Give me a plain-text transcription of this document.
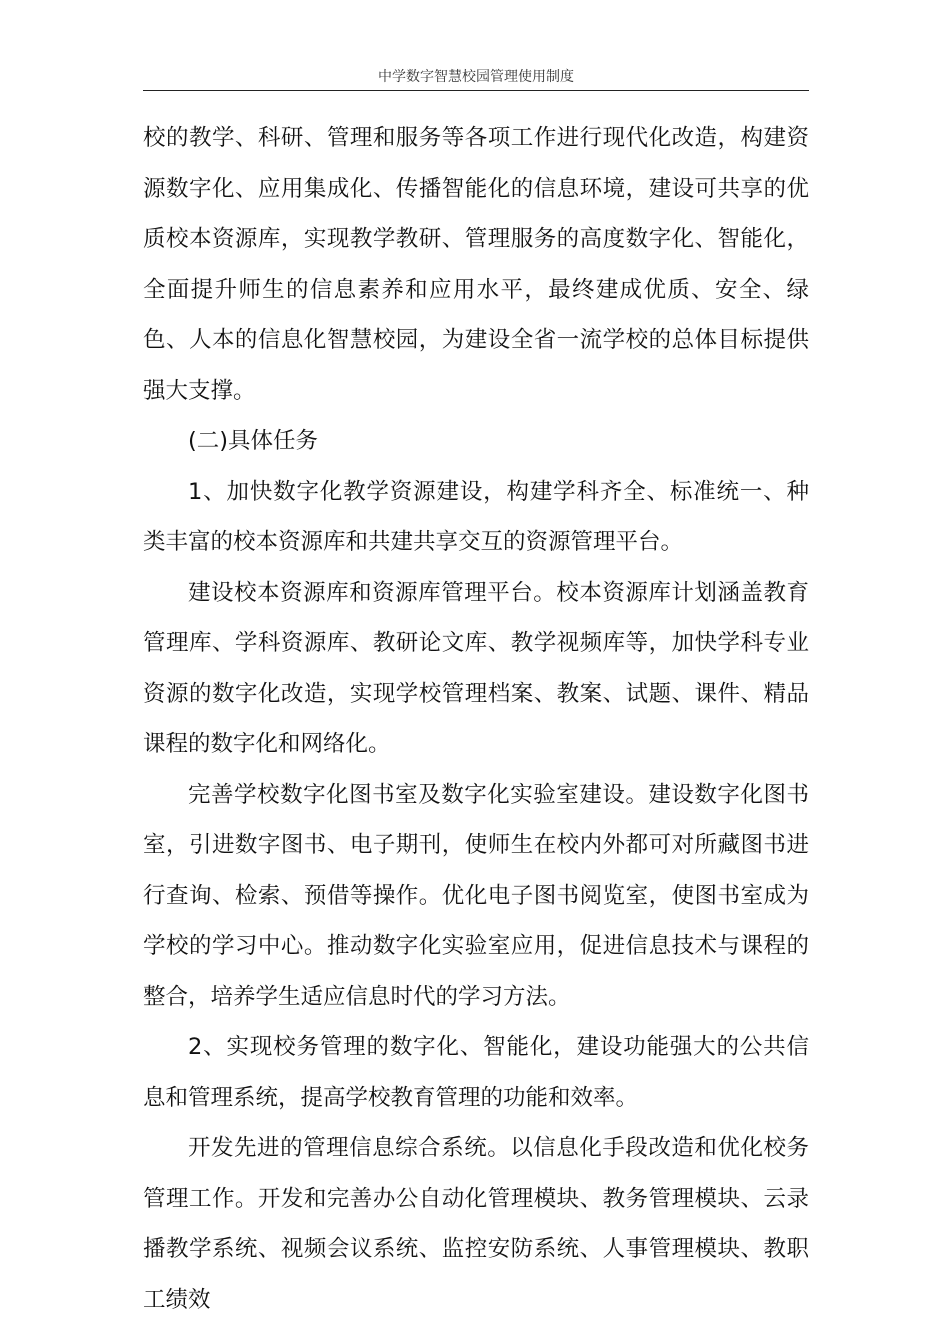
中学数字智慧校园管理使用制度

校的教学、科研、管理和服务等各项工作进行现代化改造，构建资源数字化、应用集成化、传播智能化的信息环境，建设可共享的优质校本资源库，实现教学教研、管理服务的高度数字化、智能化，全面提升师生的信息素养和应用水平，最终建成优质、安全、绿色、人本的信息化智慧校园，为建设全省一流学校的总体目标提供强大支撑。

(二)具体任务

1、加快数字化教学资源建设，构建学科齐全、标准统一、种类丰富的校本资源库和共建共享交互的资源管理平台。

建设校本资源库和资源库管理平台。校本资源库计划涵盖教育管理库、学科资源库、教研论文库、教学视频库等，加快学科专业资源的数字化改造，实现学校管理档案、教案、试题、课件、精品课程的数字化和网络化。

完善学校数字化图书室及数字化实验室建设。建设数字化图书室，引进数字图书、电子期刊，使师生在校内外都可对所藏图书进行查询、检索、预借等操作。优化电子图书阅览室，使图书室成为学校的学习中心。推动数字化实验室应用，促进信息技术与课程的整合，培养学生适应信息时代的学习方法。

2、实现校务管理的数字化、智能化，建设功能强大的公共信息和管理系统，提高学校教育管理的功能和效率。

开发先进的管理信息综合系统。以信息化手段改造和优化校务管理工作。开发和完善办公自动化管理模块、教务管理模块、云录播教学系统、视频会议系统、监控安防系统、人事管理模块、教职工绩效
